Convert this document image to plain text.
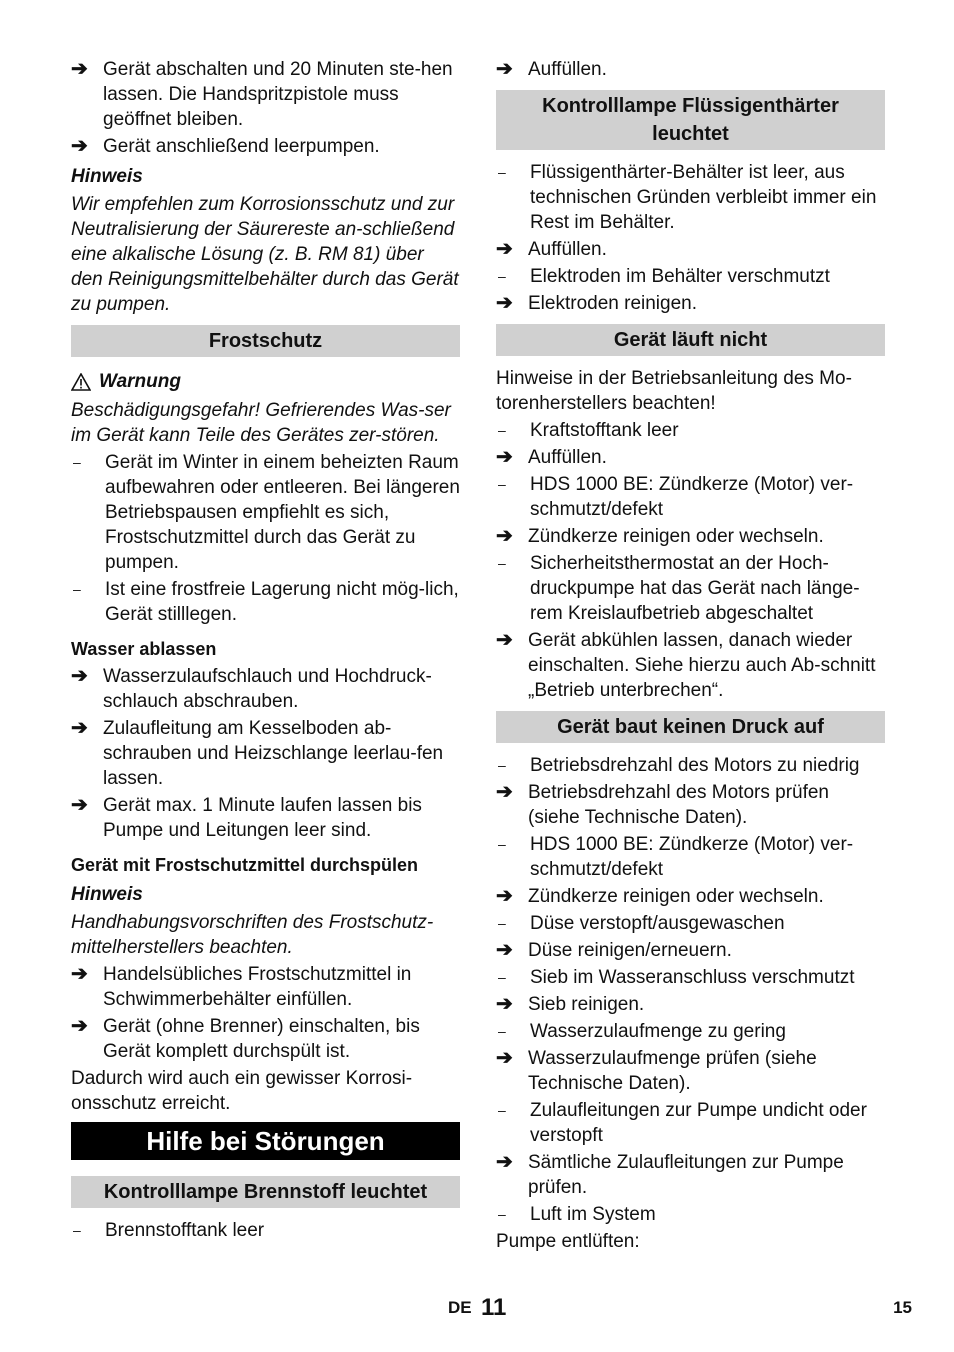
➔ Gerät abschalten und 20 Minuten ste-hen lassen. Die Handspritzpistole muss geöffnet bleiben.
➔ Gerät anschließend leerpumpen.
Hinweis
Wir empfehlen zum Korrosionsschutz und zur Neutralisierung der Säurereste an-schließend eine alkalische Lösung (z. B. RM 81) über den Reinigungsmittelbehälter durch das Gerät zu pumpen.
Frostschutz
Warnung
Beschädigungsgefahr! Gefrierendes Was-ser im Gerät kann Teile des Gerätes zer-stören.
–	Gerät im Winter in einem beheizten Raum aufbewahren oder entleeren. Bei längeren Betriebspausen empfiehlt es sich, Frostschutzmittel durch das Gerät zu pumpen.
–	Ist eine frostfreie Lagerung nicht mög-lich, Gerät stilllegen.
Wasser ablassen
➔ Wasserzulaufschlauch und Hochdruck-schlauch abschrauben.
➔ Zulaufleitung am Kesselboden ab-schrauben und Heizschlange leerlau-fen lassen.
➔ Gerät max. 1 Minute laufen lassen bis Pumpe und Leitungen leer sind.
Gerät mit Frostschutzmittel durchspülen
Hinweis
Handhabungsvorschriften des Frostschutz-mittelherstellers beachten.
➔ Handelsübliches Frostschutzmittel in Schwimmerbehälter einfüllen.
➔ Gerät (ohne Brenner) einschalten, bis Gerät komplett durchspült ist.
Dadurch wird auch ein gewisser Korrosi-onsschutz erreicht.
Hilfe bei Störungen
Kontrolllampe Brennstoff leuchtet
–	Brennstofftank leer
➔ Auffüllen.
Kontrolllampe Flüssigenthärter leuchtet
–	Flüssigenthärter-Behälter ist leer, aus technischen Gründen verbleibt immer ein Rest im Behälter.
➔ Auffüllen.
–	Elektroden im Behälter verschmutzt
➔ Elektroden reinigen.
Gerät läuft nicht
Hinweise in der Betriebsanleitung des Mo-torenherstellers beachten!
–	Kraftstofftank leer
➔ Auffüllen.
–	HDS 1000 BE: Zündkerze (Motor) ver-schmutzt/defekt
➔ Zündkerze reinigen oder wechseln.
–	Sicherheitsthermostat an der Hoch-druckpumpe hat das Gerät nach länge-rem Kreislaufbetrieb abgeschaltet
➔ Gerät abkühlen lassen, danach wieder einschalten. Siehe hierzu auch Ab-schnitt „Betrieb unterbrechen“.
Gerät baut keinen Druck auf
–	Betriebsdrehzahl des Motors zu niedrig
➔ Betriebsdrehzahl des Motors prüfen (siehe Technische Daten).
–	HDS 1000 BE: Zündkerze (Motor) ver-schmutzt/defekt
➔ Zündkerze reinigen oder wechseln.
–	Düse verstopft/ausgewaschen
➔ Düse reinigen/erneuern.
–	Sieb im Wasseranschluss verschmutzt
➔ Sieb reinigen.
–	Wasserzulaufmenge zu gering
➔ Wasserzulaufmenge prüfen (siehe Technische Daten).
–	Zulaufleitungen zur Pumpe undicht oder verstopft
➔ Sämtliche Zulaufleitungen zur Pumpe prüfen.
–	Luft im System
Pumpe entlüften:
DE 11	15
